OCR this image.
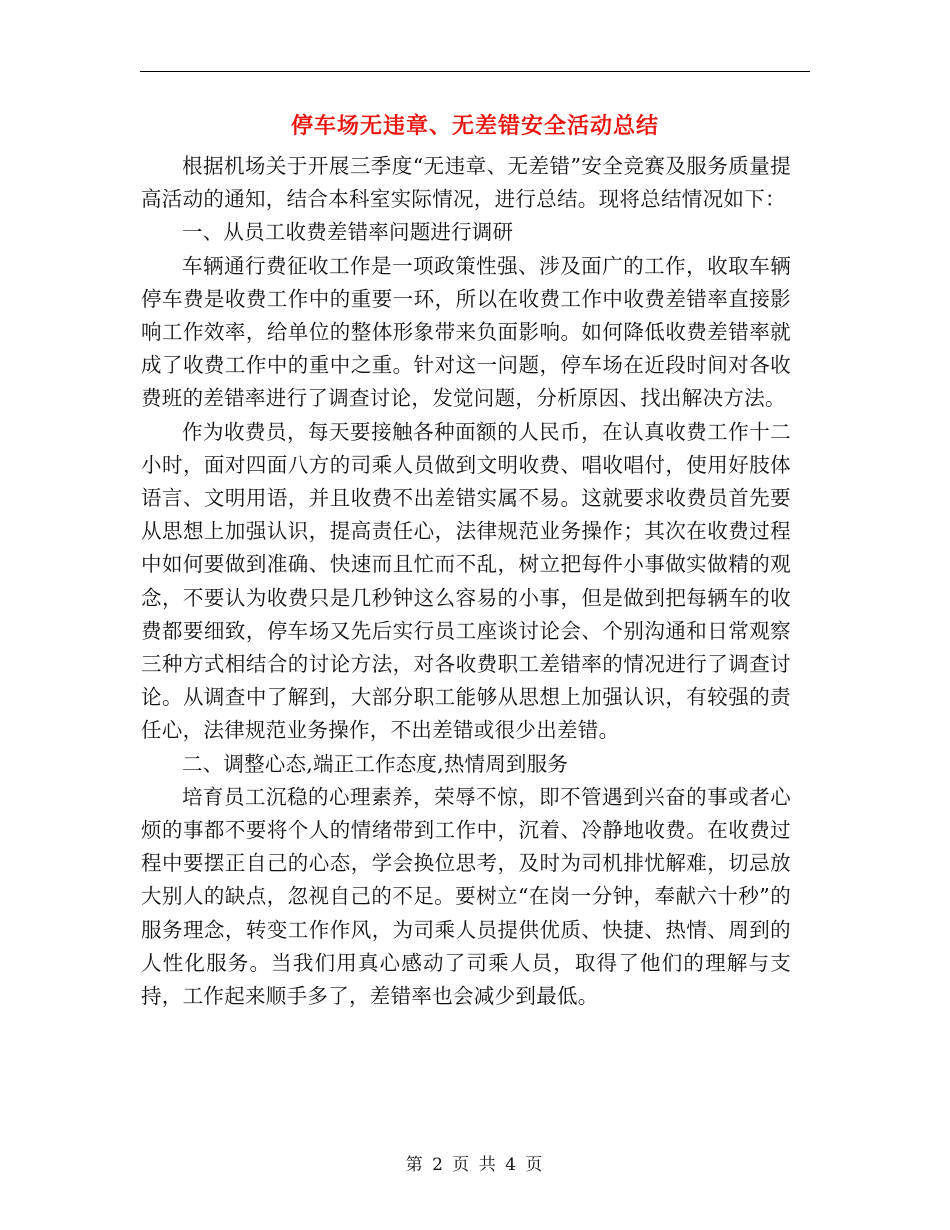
停车场无违章、无差错安全活动总结

根据机场关于开展三季度“无违章、无差错”安全竞赛及服务质量提高活动的通知，结合本科室实际情况，进行总结。现将总结情况如下：

一、从员工收费差错率问题进行调研

车辆通行费征收工作是一项政策性强、涉及面广的工作，收取车辆停车费是收费工作中的重要一环，所以在收费工作中收费差错率直接影响工作效率，给单位的整体形象带来负面影响。如何降低收费差错率就成了收费工作中的重中之重。针对这一问题，停车场在近段时间对各收费班的差错率进行了调查讨论，发觉问题，分析原因、找出解决方法。

作为收费员，每天要接触各种面额的人民币，在认真收费工作十二小时，面对四面八方的司乘人员做到文明收费、唱收唱付，使用好肢体语言、文明用语，并且收费不出差错实属不易。这就要求收费员首先要从思想上加强认识，提高责任心，法律规范业务操作；其次在收费过程中如何要做到准确、快速而且忙而不乱，树立把每件小事做实做精的观念，不要认为收费只是几秒钟这么容易的小事，但是做到把每辆车的收费都要细致，停车场又先后实行员工座谈讨论会、个别沟通和日常观察三种方式相结合的讨论方法，对各收费职工差错率的情况进行了调查讨论。从调查中了解到，大部分职工能够从思想上加强认识，有较强的责任心，法律规范业务操作，不出差错或很少出差错。

二、调整心态,端正工作态度,热情周到服务

培育员工沉稳的心理素养，荣辱不惊，即不管遇到兴奋的事或者心烦的事都不要将个人的情绪带到工作中，沉着、冷静地收费。在收费过程中要摆正自己的心态，学会换位思考，及时为司机排忧解难，切忌放大别人的缺点，忽视自己的不足。要树立“在岗一分钟，奉献六十秒”的服务理念，转变工作作风，为司乘人员提供优质、快捷、热情、周到的人性化服务。当我们用真心感动了司乘人员，取得了他们的理解与支持，工作起来顺手多了，差错率也会减少到最低。

第 2 页 共 4 页
